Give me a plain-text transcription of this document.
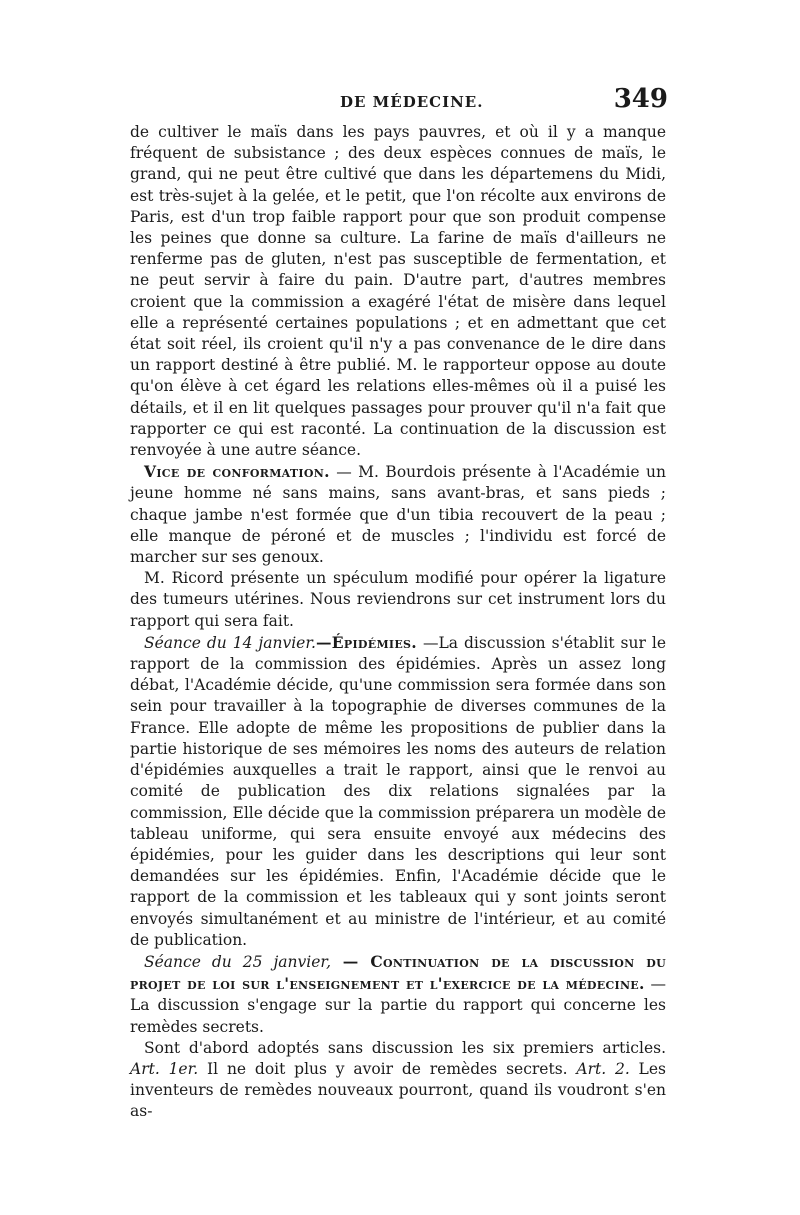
DE MÉDECINE.	349

de cultiver le maïs dans les pays pauvres, et où il y a manque fréquent de subsistance ; des deux espèces connues de maïs, le grand, qui ne peut être cultivé que dans les départemens du Midi, est très-sujet à la gelée, et le petit, que l'on récolte aux environs de Paris, est d'un trop faible rapport pour que son produit compense les peines que donne sa culture. La farine de maïs d'ailleurs ne renferme pas de gluten, n'est pas susceptible de fermentation, et ne peut servir à faire du pain. D'autre part, d'autres membres croient que la commission a exagéré l'état de misère dans lequel elle a représenté certaines populations ; et en admettant que cet état soit réel, ils croient qu'il n'y a pas convenance de le dire dans un rapport destiné à être publié. M. le rapporteur oppose au doute qu'on élève à cet égard les relations elles-mêmes où il a puisé les détails, et il en lit quelques passages pour prouver qu'il n'a fait que rapporter ce qui est raconté. La continuation de la discussion est renvoyée à une autre séance.

Vice de conformation. — M. Bourdois présente à l'Académie un jeune homme né sans mains, sans avant-bras, et sans pieds ; chaque jambe n'est formée que d'un tibia recouvert de la peau ; elle manque de péroné et de muscles ; l'individu est forcé de marcher sur ses genoux.

M. Ricord présente un spéculum modifié pour opérer la ligature des tumeurs utérines. Nous reviendrons sur cet instrument lors du rapport qui sera fait.

Séance du 14 janvier.—Épidémies. —La discussion s'établit sur le rapport de la commission des épidémies. Après un assez long débat, l'Académie décide, qu'une commission sera formée dans son sein pour travailler à la topographie de diverses communes de la France. Elle adopte de même les propositions de publier dans la partie historique de ses mémoires les noms des auteurs de relation d'épidémies auxquelles a trait le rapport, ainsi que le renvoi au comité de publication des dix relations signalées par la commission, Elle décide que la commission préparera un modèle de tableau uniforme, qui sera ensuite envoyé aux médecins des épidémies, pour les guider dans les descriptions qui leur sont demandées sur les épidémies. Enfin, l'Académie décide que le rapport de la commission et les tableaux qui y sont joints seront envoyés simultanément et au ministre de l'intérieur, et au comité de publication.

Séance du 25 janvier, — Continuation de la discussion du projet de loi sur l'enseignement et l'exercice de la médecine. — La discussion s'engage sur la partie du rapport qui concerne les remèdes secrets.

Sont d'abord adoptés sans discussion les six premiers articles. Art. 1er. Il ne doit plus y avoir de remèdes secrets. Art. 2. Les inventeurs de remèdes nouveaux pourront, quand ils voudront s'en as-
